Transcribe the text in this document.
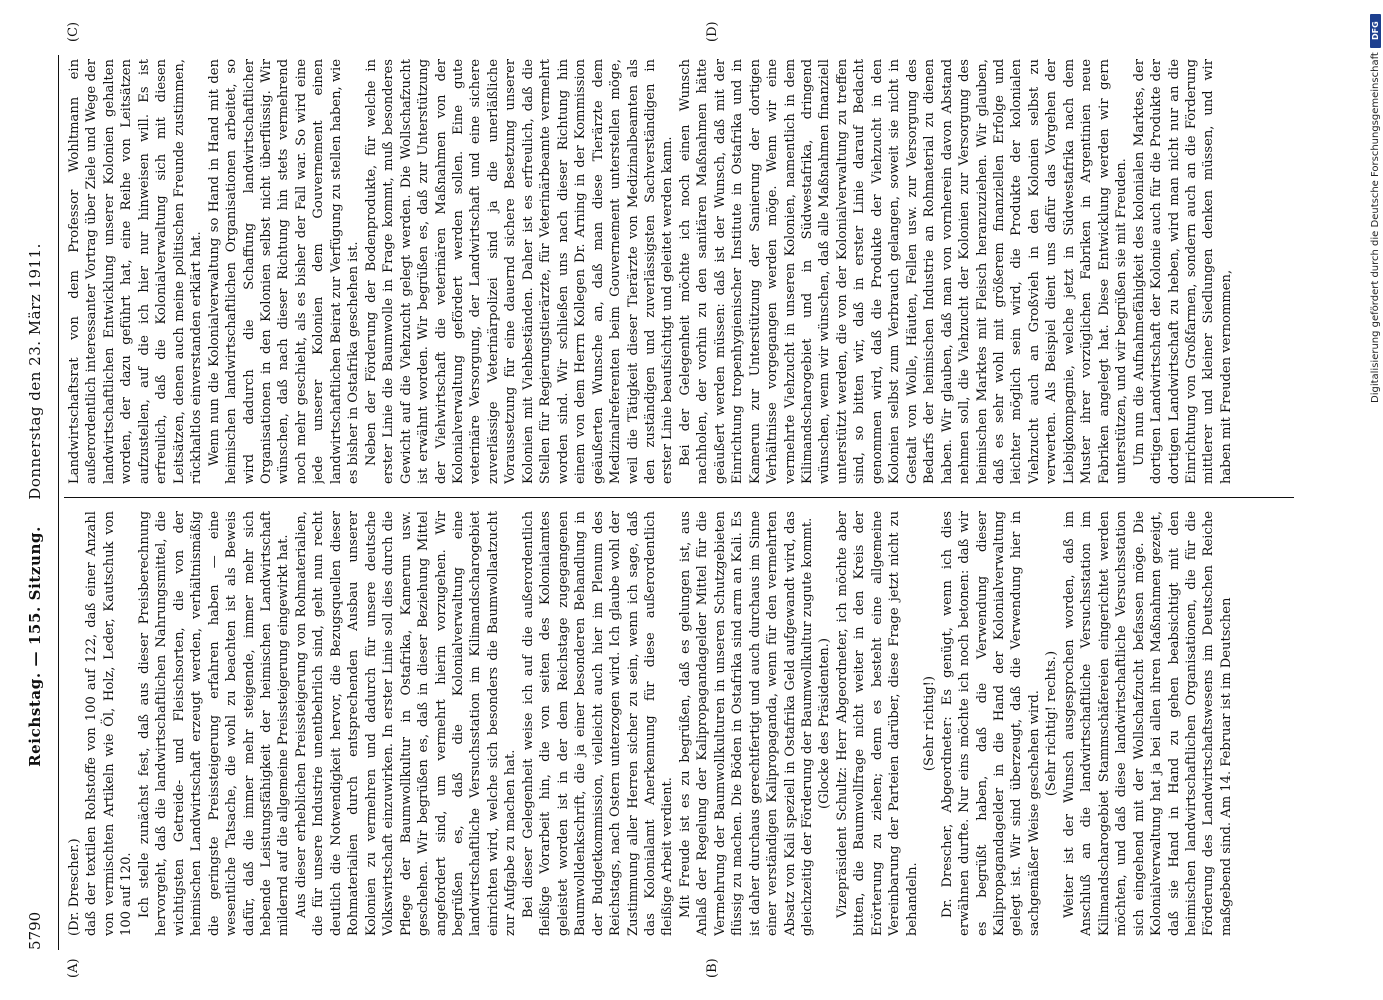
5790
Reichstag. — 155. Sitzung.     Donnerstag den 23. März 1911.
(A)	(B)
(C)	(D)

(Dr. Drescher.) daß der textilen Rohstoffe von 100 auf 122, daß einer Anzahl von vermischten Artikeln wie Öl, Holz, Leder, Kautschuk von 100 auf 120. Ich stelle zunächst fest, daß aus dieser Preisberechnung hervorgeht, daß die landwirtschaftlichen Nahrungsmittel, die wichtigsten Getreide- und Fleischsorten, die von der heimischen Landwirtschaft erzeugt werden, verhältnismäßig die geringste Preissteigerung erfahren haben — eine wesentliche Tatsache, die wohl zu beachten ist als Beweis dafür, daß die immer mehr steigende, immer mehr sich hebende Leistungsfähigkeit der heimischen Landwirtschaft mildernd auf die allgemeine Preissteigerung eingewirkt hat. Aus dieser erheblichen Preissteigerung von Rohmaterialien, die für unsere Industrie unentbehrlich sind, geht nun recht deutlich die Notwendigkeit hervor, die Bezugsquellen dieser Rohmaterialien durch entsprechenden Ausbau unserer Kolonien zu vermehren und dadurch für unsere deutsche Volkswirtschaft einzuwirken. In erster Linie soll dies durch die Pflege der Baumwollkultur in Ostafrika, Kamerun usw. geschehen. Wir begrüßen es, daß in dieser Beziehung Mittel angefordert sind, um vermehrt hierin vorzugehen. Wir begrüßen es, daß die Kolonialverwaltung eine landwirtschaftliche Versuchsstation im Kilimandscharogebiet einrichten wird, welche sich besonders die Baumwollaatzucht zur Aufgabe zu machen hat. Bei dieser Gelegenheit weise ich auf die außerordentlich fleißige Vorarbeit hin, die von seiten des Kolonialamtes geleistet worden ist in der dem Reichstage zugegangenen Baumwolldenkschrift, die ja einer besonderen Behandlung in der Budgetkommission, vielleicht auch hier im Plenum des Reichstags, nach Ostern unterzogen wird. Ich glaube wohl der Zustimmung aller Herren sicher zu sein, wenn ich sage, daß das Kolonialamt Anerkennung für diese außerordentlich fleißige Arbeit verdient. Mit Freude ist es zu begrüßen, daß es gelungen ist, aus Anlaß der Regelung der Kalipropagandagelder Mittel für die Vermehrung der Baumwollkulturen in unseren Schutzgebieten flüssig zu machen. Die Böden in Ostafrika sind arm an Kali. Es ist daher durchaus gerechtfertigt und auch durchaus im Sinne einer verständigen Kalipropaganda, wenn für den vermehrten Absatz von Kali speziell in Ostafrika Geld aufgewandt wird, das gleichzeitig der Förderung der Baumwollkultur zugute kommt. (Glocke des Präsidenten.) Vizepräsident Schultz: Herr Abgeordneter, ich möchte aber bitten, die Baumwollfrage nicht weiter in den Kreis der Erörterung zu ziehen; denn es besteht eine allgemeine Vereinbarung der Parteien darüber, diese Frage jetzt nicht zu behandeln.

(Sehr richtig!) Dr. Drescher, Abgeordneter: Es genügt, wenn ich dies erwähnen durfte. Nur eins möchte ich noch betonen: daß wir es begrüßt haben, daß die Verwendung dieser Kalipropagandagelder in die Hand der Kolonialverwaltung gelegt ist. Wir sind überzeugt, daß die Verwendung hier in sachgemäßer Weise geschehen wird. (Sehr richtig! rechts.) Weiter ist der Wunsch ausgesprochen worden, daß im Anschluß an die landwirtschaftliche Versuchsstation im Kilimandscharogebiet Stammschäfereien eingerichtet werden möchten, und daß diese landwirtschaftliche Versuchsstation sich eingehend mit der Wollschafzucht befassen möge. Die Kolonialverwaltung hat ja bei allen ihren Maßnahmen gezeigt, daß sie Hand in Hand zu gehen beabsichtigt mit den heimischen landwirtschaftlichen Organisationen, die für die Förderung des Landwirtschaftswesens im Deutschen Reiche maßgebend sind. Am 14. Februar ist im Deutschen

Landwirtschaftsrat von dem Professor Wohltmann ein außerordentlich interessanter Vortrag über Ziele und Wege der landwirtschaftlichen Entwicklung unserer Kolonien gehalten worden, der dazu geführt hat, eine Reihe von Leitsätzen aufzustellen, auf die ich hier nur hinweisen will. Es ist erfreulich, daß die Kolonialverwaltung sich mit diesen Leitsätzen, denen auch meine politischen Freunde zustimmen, rückhaltlos einverstanden erklärt hat. Wenn nun die Kolonialverwaltung so Hand in Hand mit den heimischen landwirtschaftlichen Organisationen arbeitet, so wird dadurch die Schaffung landwirtschaftlicher Organisationen in den Kolonien selbst nicht überflüssig. Wir wünschen, daß nach dieser Richtung hin stets vermehrend noch mehr geschieht, als es bisher der Fall war. So wird eine jede unserer Kolonien dem Gouvernement einen landwirtschaftlichen Beirat zur Verfügung zu stellen haben, wie es bisher in Ostafrika geschehen ist. Neben der Förderung der Bodenprodukte, für welche in erster Linie die Baumwolle in Frage kommt, muß besonderes Gewicht auf die Viehzucht gelegt werden. Die Wollschafzucht ist erwähnt worden. Wir begrüßen es, daß zur Unterstützung der Viehwirtschaft die veterinären Maßnahmen von der Kolonialverwaltung gefördert werden sollen. Eine gute veterinäre Versorgung, der Landwirtschaft und eine sichere zuverlässige Veterinärpolizei sind ja die unerläßliche Voraussetzung für eine dauernd sichere Besetzung unserer Kolonien mit Viehbeständen. Daher ist es erfreulich, daß die Stellen für Regierungstierärzte, für Veterinärbeamte vermehrt worden sind. Wir schließen uns nach dieser Richtung hin einem von dem Herrn Kollegen Dr. Arning in der Kommission geäußerten Wunsche an, daß man diese Tierärzte dem Medizinalreferenten beim Gouvernement unterstellen möge, weil die Tätigkeit dieser Tierärzte von Medizinalbeamten als den zuständigen und zuverlässigsten Sachverständigen in erster Linie beaufsichtigt und geleitet werden kann. Bei der Gelegenheit möchte ich noch einen Wunsch nachholen, der vorhin zu den sanitären Maßnahmen hätte geäußert werden müssen: daß ist der Wunsch, daß mit der Einrichtung tropenhygienischer Institute in Ostafrika und in Kamerun zur Unterstützung der Sanierung der dortigen Verhältnisse vorgegangen werden möge. Wenn wir eine vermehrte Viehzucht in unseren Kolonien, namentlich in dem Kilimandscharogebiet und in Südwestafrika, dringend wünschen, wenn wir wünschen, daß alle Maßnahmen finanziell unterstützt werden, die von der Kolonialverwaltung zu treffen sind, so bitten wir, daß in erster Linie darauf Bedacht genommen wird, daß die Produkte der Viehzucht in den Kolonien selbst zum Verbrauch gelangen, soweit sie nicht in Gestalt von Wolle, Häuten, Fellen usw. zur Versorgung des Bedarfs der heimischen Industrie an Rohmaterial zu dienen haben. Wir glauben, daß man von vornherein davon Abstand nehmen soll, die Viehzucht der Kolonien zur Versorgung des heimischen Marktes mit Fleisch heranzuziehen. Wir glauben, daß es sehr wohl mit größerem finanziellen Erfolge und leichter möglich sein wird, die Produkte der kolonialen Viehzucht auch an Großvieh in den Kolonien selbst zu verwerten. Als Beispiel dient uns dafür das Vorgehen der Liebigkompagnie, welche jetzt in Südwestafrika nach dem Muster ihrer vorzüglichen Fabriken in Argentinien neue Fabriken angelegt hat. Diese Entwicklung werden wir gern unterstützen, und wir begrüßen sie mit Freuden. Um nun die Aufnahmefähigkeit des kolonialen Marktes, der dortigen Landwirtschaft der Kolonie auch für die Produkte der dortigen Landwirtschaft zu heben, wird man nicht nur an die Einrichtung von Großfarmen, sondern auch an die Förderung mittlerer und kleiner Siedlungen denken müssen, und wir haben mit Freuden vernommen,

DFG
Digitalisierung gefördert durch die Deutsche Forschungsgemeinschaft
